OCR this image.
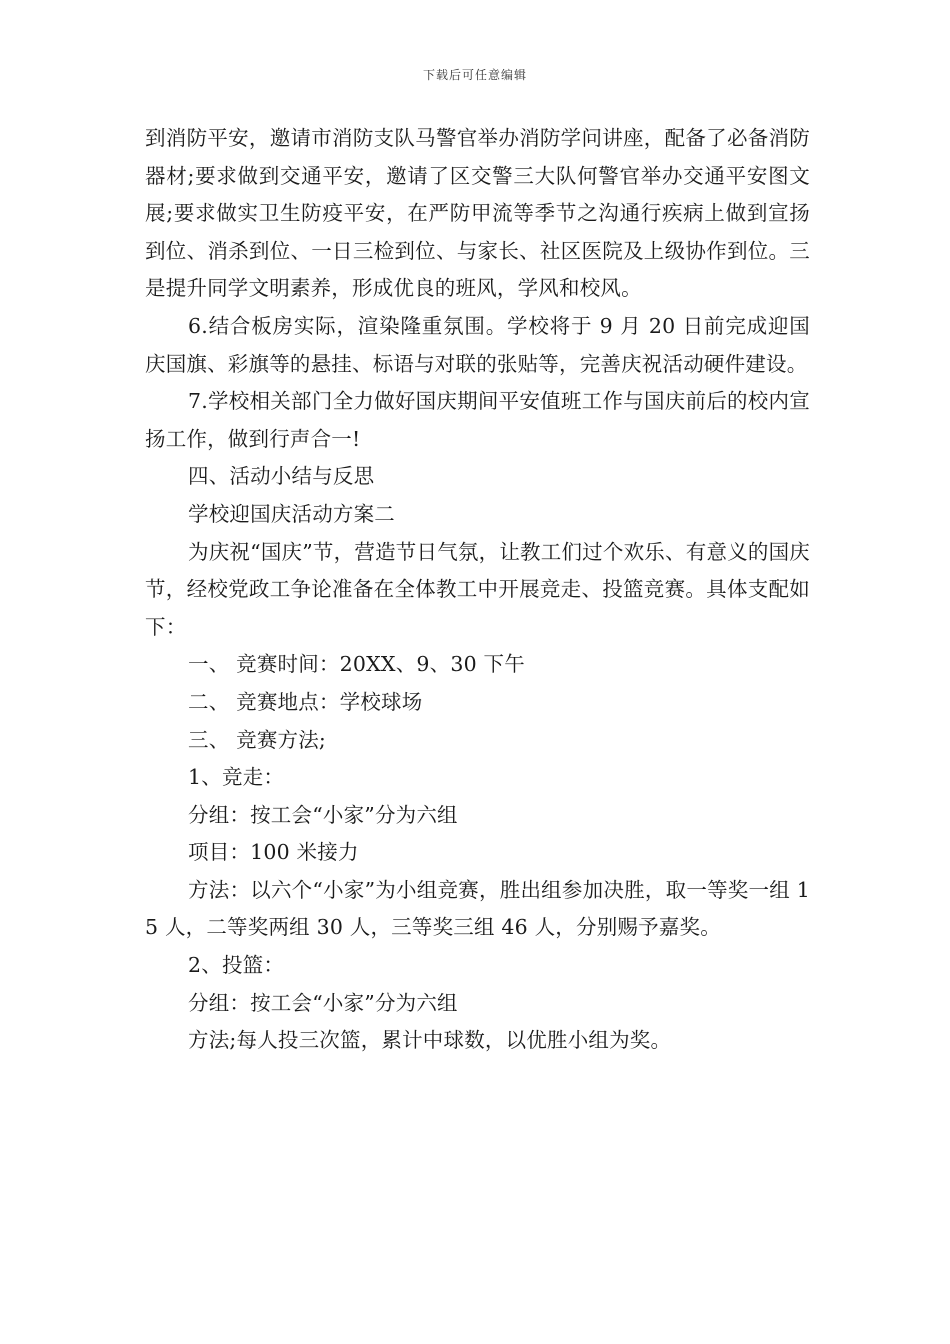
下载后可任意编辑

到消防平安，邀请市消防支队马警官举办消防学问讲座，配备了必备消防器材;要求做到交通平安，邀请了区交警三大队何警官举办交通平安图文展;要求做实卫生防疫平安，在严防甲流等季节之沟通行疾病上做到宣扬到位、消杀到位、一日三检到位、与家长、社区医院及上级协作到位。三是提升同学文明素养，形成优良的班风，学风和校风。

6.结合板房实际，渲染隆重氛围。学校将于 9 月 20 日前完成迎国庆国旗、彩旗等的悬挂、标语与对联的张贴等，完善庆祝活动硬件建设。

7.学校相关部门全力做好国庆期间平安值班工作与国庆前后的校内宣扬工作，做到行声合一!

四、活动小结与反思

学校迎国庆活动方案二

为庆祝“国庆”节，营造节日气氛，让教工们过个欢乐、有意义的国庆节，经校党政工争论准备在全体教工中开展竞走、投篮竞赛。具体支配如下：

一、 竞赛时间：20XX、9、30 下午

二、 竞赛地点：学校球场

三、 竞赛方法;

1、竞走：

分组：按工会“小家”分为六组

项目：100 米接力

方法：以六个“小家”为小组竞赛，胜出组参加决胜，取一等奖一组 15 人，二等奖两组 30 人，三等奖三组 46 人，分别赐予嘉奖。

2、投篮：

分组：按工会“小家”分为六组

方法;每人投三次篮，累计中球数，以优胜小组为奖。
